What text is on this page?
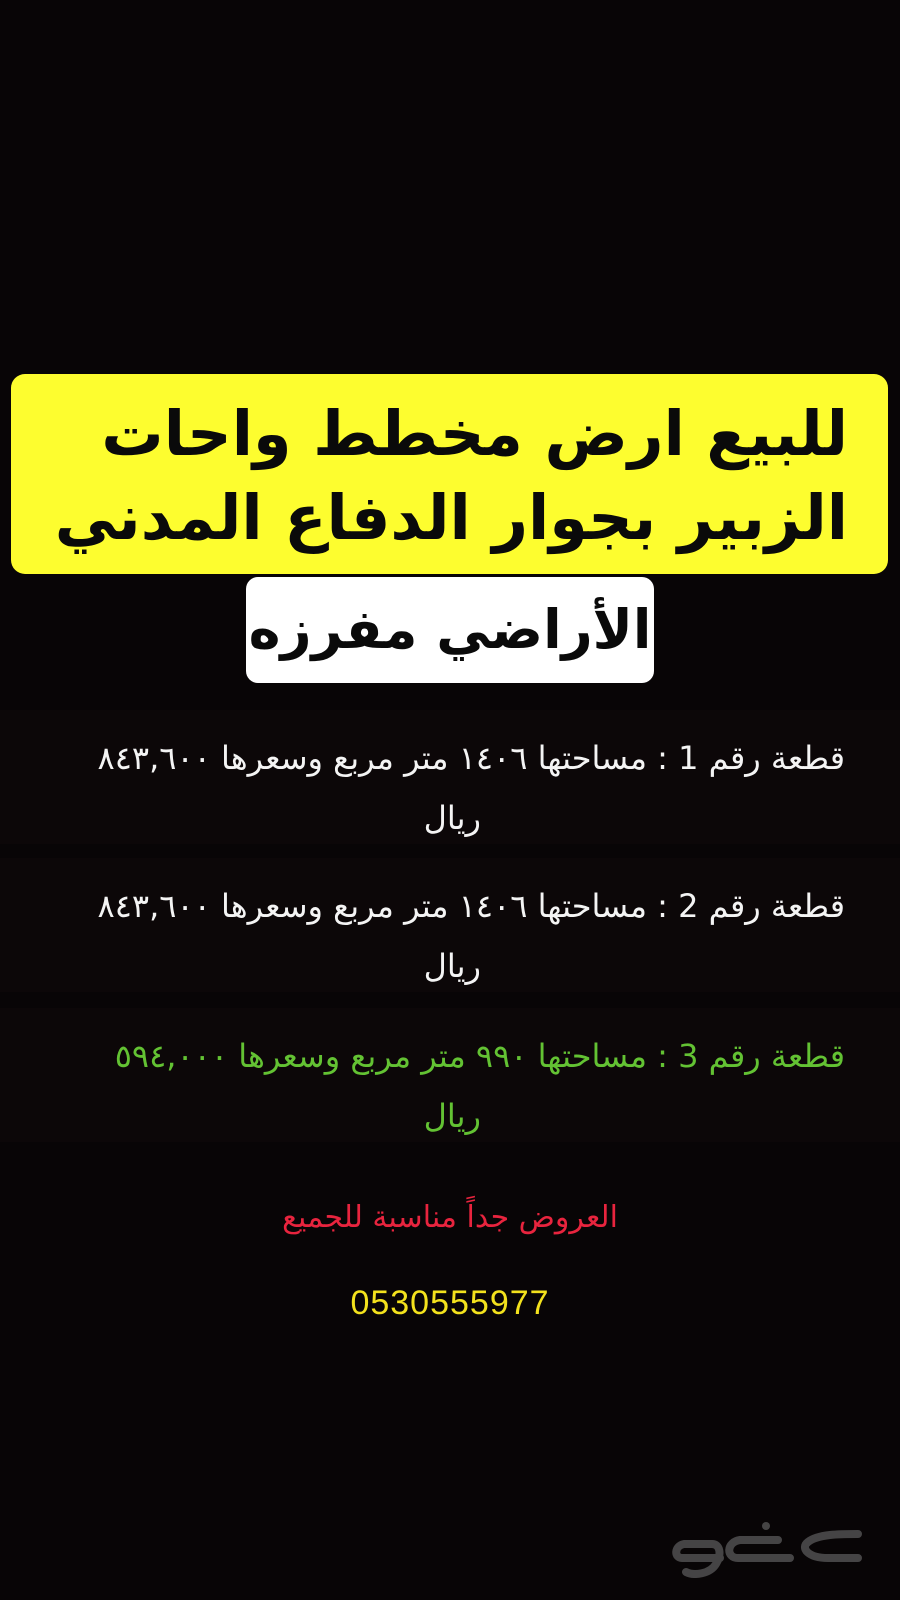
للبيع ارض مخطط واحات
الزبير بجوار الدفاع المدني
الأراضي مفرزه
قطعة رقم 1 : مساحتها ١٤٠٦ متر مربع وسعرها ٨٤٣,٦٠٠
ريال
قطعة رقم 2 : مساحتها ١٤٠٦ متر مربع وسعرها ٨٤٣,٦٠٠
ريال
قطعة رقم 3 : مساحتها ٩٩٠ متر مربع وسعرها ٥٩٤,٠٠٠
ريال
العروض جداً مناسبة للجميع
0530555977
